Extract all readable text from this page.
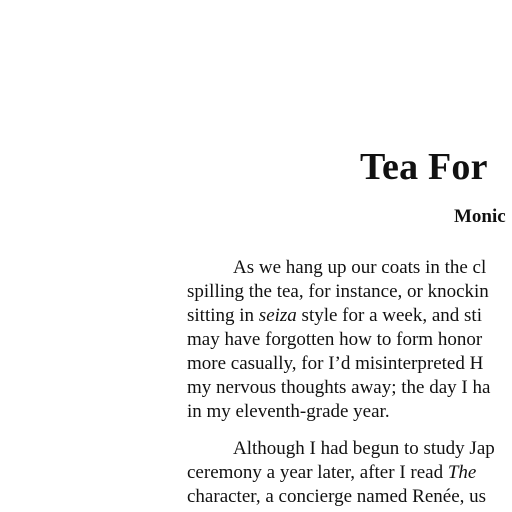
Tea For
Monic
As we hang up our coats in the cl
spilling the tea, for instance, or knockin
sitting in seiza style for a week, and sti
may have forgotten how to form honor
more casually, for I’d misinterpreted H
my nervous thoughts away; the day I ha
in my eleventh-grade year.
Although I had begun to study Jap
ceremony a year later, after I read The
character, a concierge named Renée, us
